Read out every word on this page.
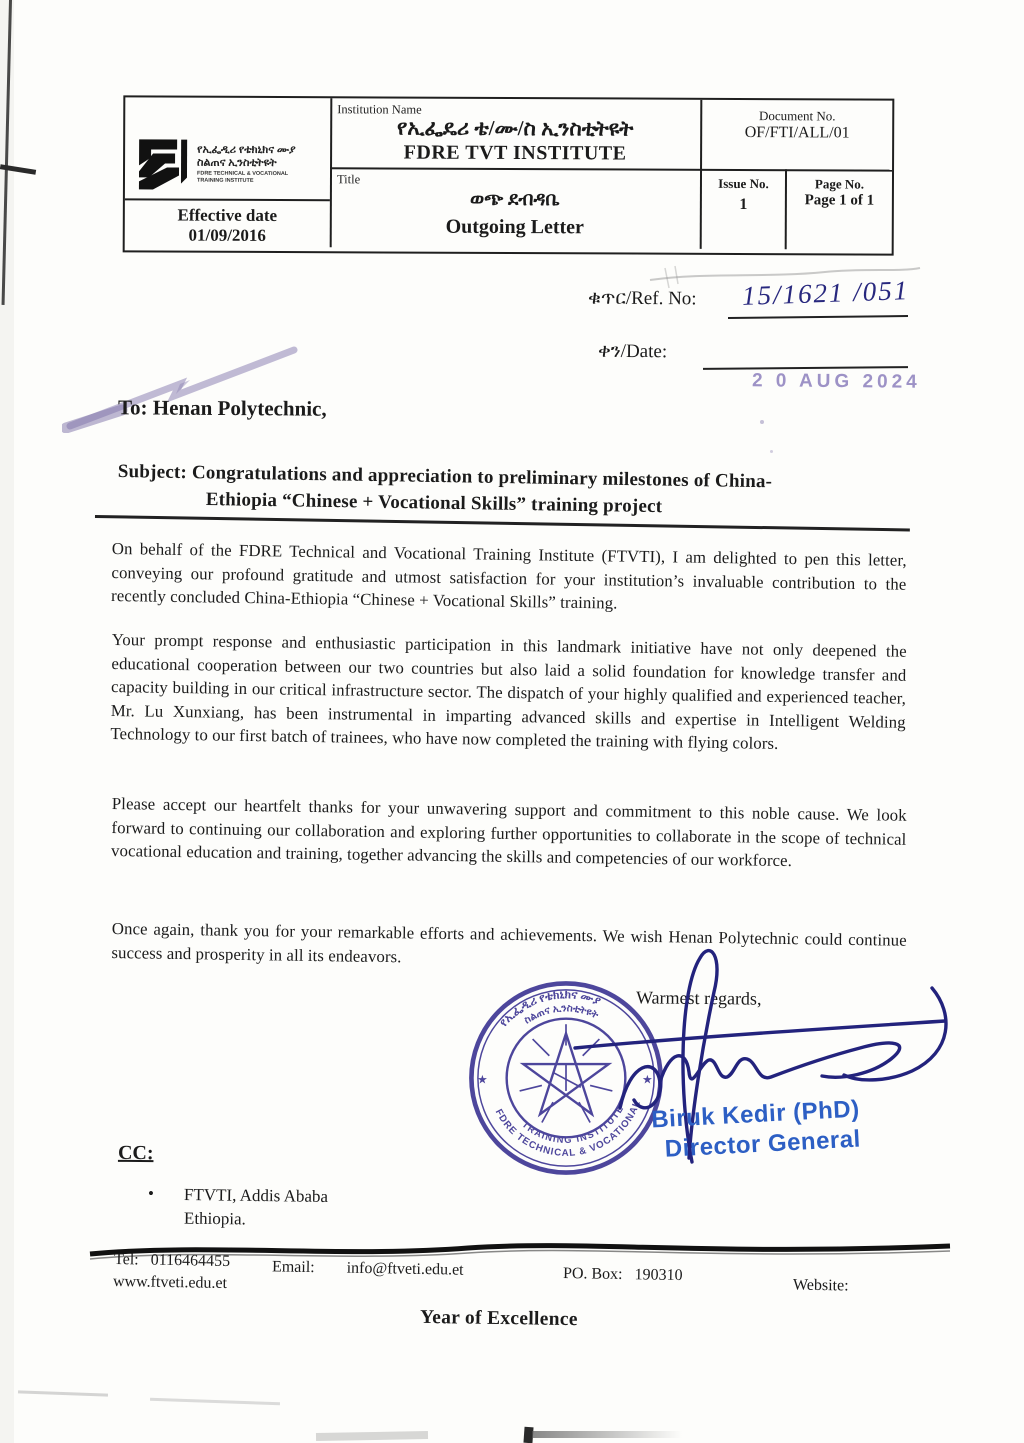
የኢፌዲሪ የቴክኒክና ሙያ
ስልጠና ኢንስቲትዩት
FDRE TECHNICAL & VOCATIONAL
TRAINING INSTITUTE
Effective date
01/09/2016
Institution Name
የኢፌዴሪ ቴ/ሙ/ስ ኢንስቲትዩት
FDRE TVT INSTITUTE
Title
ወጭ ደብዳቤ
Outgoing Letter
Document No.
OF/FTI/ALL/01
Issue No.
1
Page No.
Page 1 of 1
ቁጥር/Ref. No: 15/1621 /051
ቀን/Date:
2 0 AUG 2024
To: Henan Polytechnic,
Subject: Congratulations and appreciation to preliminary milestones of China-
Ethiopia “Chinese + Vocational Skills” training project
On behalf of the FDRE Technical and Vocational Training Institute (FTVTI), I am delighted to pen this letter, conveying our profound gratitude and utmost satisfaction for your institution’s invaluable contribution to the recently concluded China-Ethiopia “Chinese + Vocational Skills” training.
Your prompt response and enthusiastic participation in this landmark initiative have not only deepened the educational cooperation between our two countries but also laid a solid foundation for knowledge transfer and capacity building in our critical infrastructure sector. The dispatch of your highly qualified and experienced teacher, Mr. Lu Xunxiang, has been instrumental in imparting advanced skills and expertise in Intelligent Welding Technology to our first batch of trainees, who have now completed the training with flying colors.
Please accept our heartfelt thanks for your unwavering support and commitment to this noble cause. We look forward to continuing our collaboration and exploring further opportunities to collaborate in the scope of technical vocational education and training, together advancing the skills and competencies of our workforce.
Once again, thank you for your remarkable efforts and achievements. We wish Henan Polytechnic could continue success and prosperity in all its endeavors.
Warmest regards,
የኢፌዲሪ የቴክኒክና ሙያ
ስልጠና ኢንስቲትዩት
FDRE TECHNICAL & VOCATIONAL
TRAINING INSTITUTE
★	★
Biruk Kedir (PhD)
Director General
CC:
• FTVTI, Addis Ababa
Ethiopia.
Tel: 0116464455
www.ftveti.edu.et
Email: info@ftveti.edu.et	PO. Box: 190310
Website:
Year of Excellence
